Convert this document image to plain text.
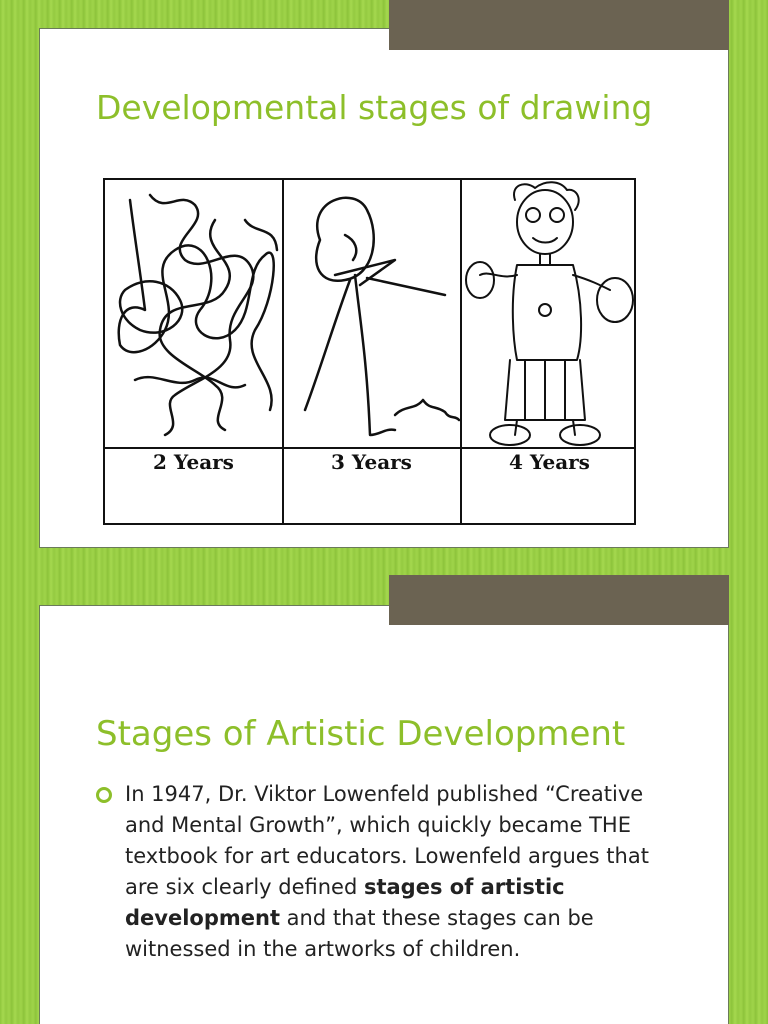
Developmental stages of drawing
2 Years	3 Years	4 Years
Stages of Artistic Development
In 1947, Dr. Viktor Lowenfeld published “Creative and Mental Growth”, which quickly became THE textbook for art educators. Lowenfeld argues that are six clearly defined stages of artistic development and that these stages can be witnessed in the artworks of children.
